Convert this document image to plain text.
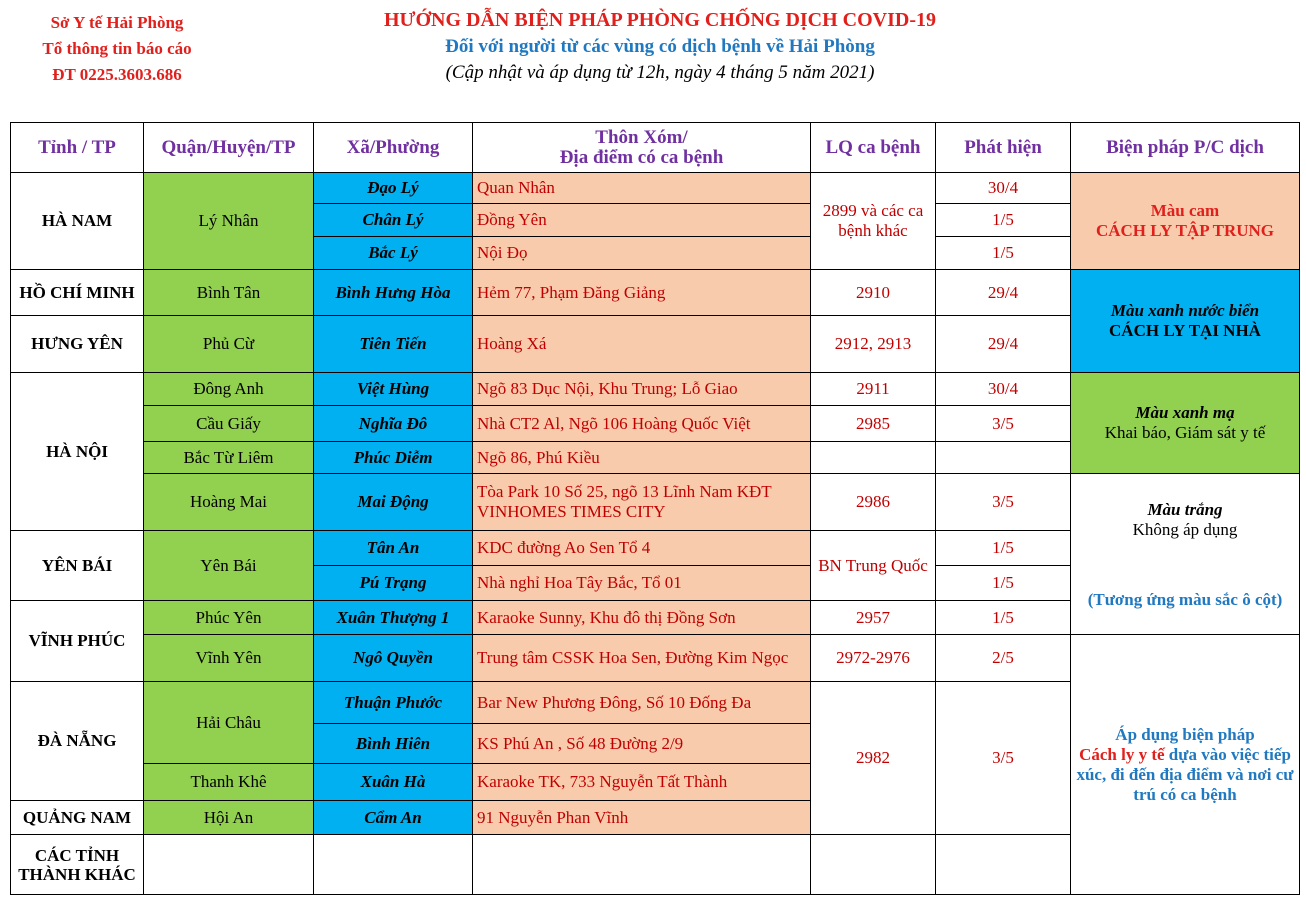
Sở Y tế Hải Phòng
Tổ thông tin báo cáo
ĐT 0225.3603.686
HƯỚNG DẪN BIỆN PHÁP PHÒNG CHỐNG DỊCH COVID-19
Đối với người từ các vùng có dịch bệnh về Hải Phòng
(Cập nhật và áp dụng từ 12h, ngày 4 tháng 5 năm 2021)
Tỉnh / TP	Quận/Huyện/TP	Xã/Phường	Thôn Xóm/
Địa điểm có ca bệnh	LQ ca bệnh	Phát hiện	Biện pháp P/C dịch	
HÀ NAM	Lý Nhân	Đạo Lý	Quan Nhân	2899 và các ca bệnh khác	30/4	Màu cam
CÁCH LY TẬP TRUNG	

		Chân Lý	Đồng Yên		1/5		
		Bắc Lý	Nội Đọ		1/5		
HỒ CHÍ MINH	Bình Tân	Bình Hưng Hòa	Hẻm 77, Phạm Đăng Giảng	2910	29/4	Màu xanh nước biển
CÁCH LY TẠI NHÀ	

HƯNG YÊN	Phủ Cừ	Tiên Tiến	Hoàng Xá	2912, 2913	29/4		
HÀ NỘI	Đông Anh	Việt Hùng	Ngõ 83 Dục Nội, Khu Trung; Lỗ Giao	2911	30/4	Màu xanh mạ
Khai báo, Giám sát y tế	

	Cầu Giấy	Nghĩa Đô	Nhà CT2 Al, Ngõ 106 Hoàng Quốc Việt	2985	3/5		
	Bắc Từ Liêm	Phúc Diễm	Ngõ 86, Phú Kiều				
	Hoàng Mai	Mai Động	Tòa Park 10 Số 25, ngõ 13 Lĩnh Nam KĐT VINHOMES TIMES CITY	2986	3/5	Màu trắng
Không áp dụng	

YÊN BÁI	Yên Bái	Tân An	KDC đường Ao Sen Tổ 4	BN Trung Quốc	1/5		
		Pú Trạng	Nhà nghỉ Hoa Tây Bắc, Tổ 01		1/5	(Tương ứng màu sắc ô cột)	

VĨNH PHÚC	Phúc Yên	Xuân Thượng 1	Karaoke Sunny, Khu đô thị Đồng Sơn	2957	1/5		
	Vĩnh Yên	Ngô Quyền	Trung tâm CSSK Hoa Sen, Đường Kim Ngọc	2972-2976	2/5	Áp dụng biện pháp
Cách ly y tế dựa vào việc tiếp xúc, đi đến địa điểm và nơi cư trú có ca bệnh	

ĐÀ NẴNG	Hải Châu	Thuận Phước	Bar New Phương Đông, Số 10 Đống Đa	2982	3/5		
		Bình Hiên	KS Phú An , Số 48 Đường 2/9				
	Thanh Khê	Xuân Hà	Karaoke TK, 733 Nguyễn Tất Thành				
QUẢNG NAM	Hội An	Cẩm An	91 Nguyễn Phan Vĩnh				
CÁC TỈNH THÀNH KHÁC							
